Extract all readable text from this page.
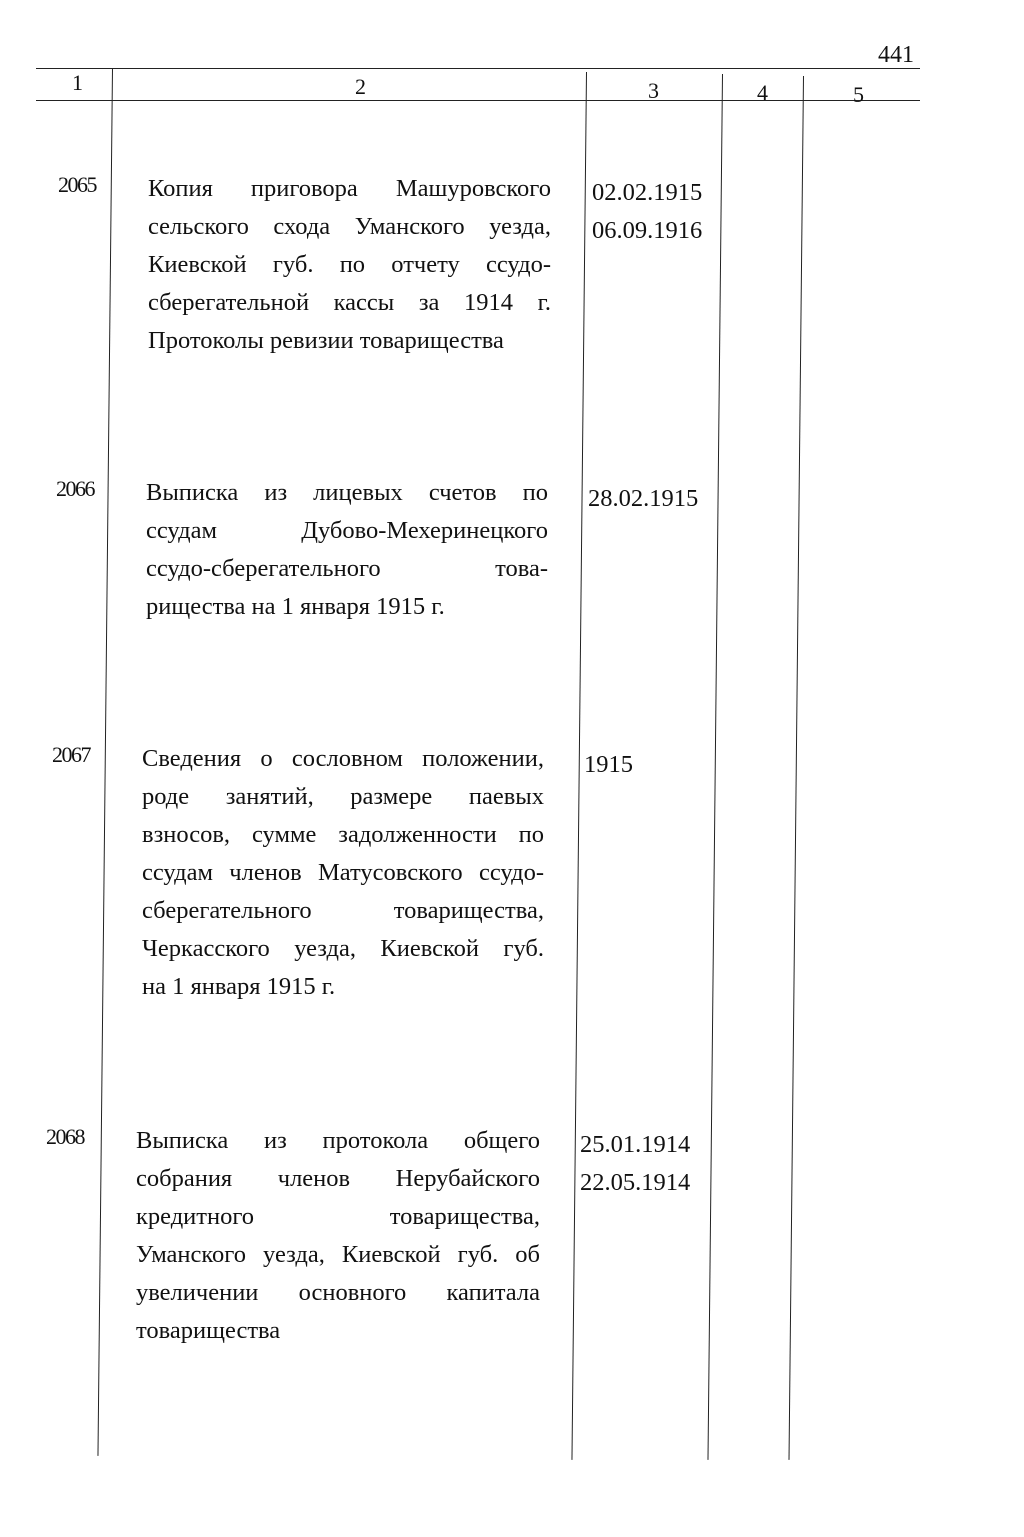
441
1	2	3	4	5
2065 Копия приговора Машуровского
сельского схода Уманского уезда,
Киевской губ. по отчету ссудо-
сберегательной кассы за 1914 г.
Протоколы ревизии товарищества
02.02.1915
06.09.1916
2066 Выписка из лицевых счетов по
ссудам Дубово-Мехеринецкого
ссудо-сберегательного това-
рищества на 1 января 1915 г.
28.02.1915
2067 Сведения о сословном положении,
роде занятий, размере паевых
взносов, сумме задолженности по
ссудам членов Матусовского ссудо-
сберегательного товарищества,
Черкасского уезда, Киевской губ.
на 1 января 1915 г.
1915
2068 Выписка из протокола общего
собрания членов Нерубайского
кредитного товарищества,
Уманского уезда, Киевской губ. об
увеличении основного капитала
товарищества
25.01.1914
22.05.1914
